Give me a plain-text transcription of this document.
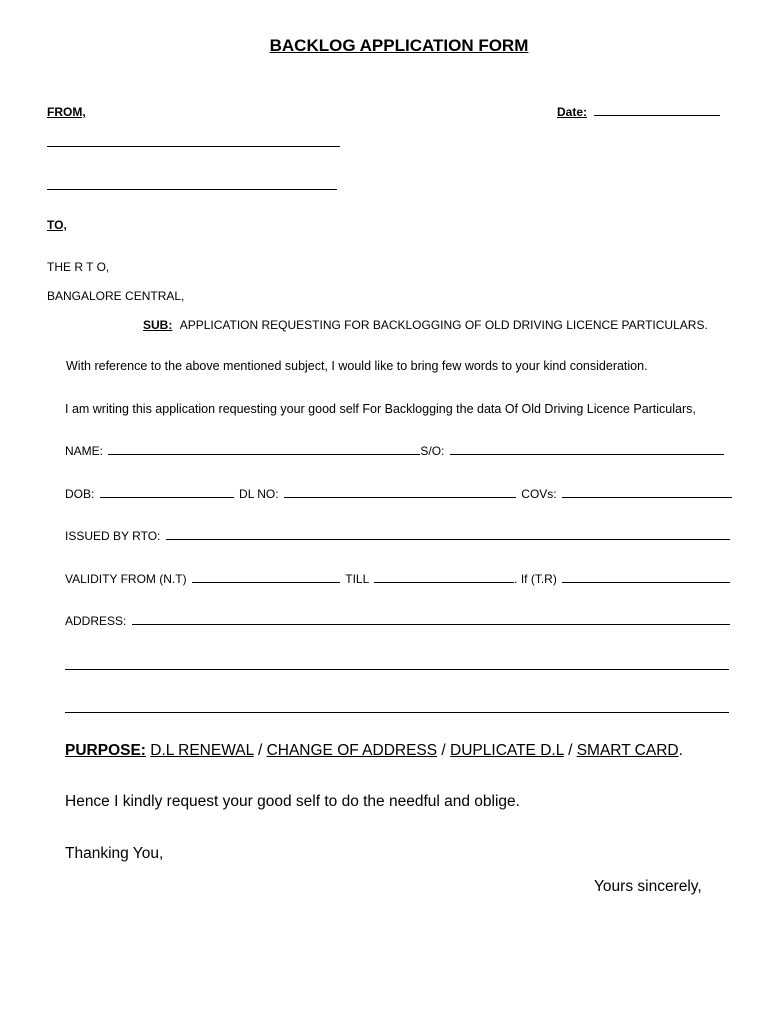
BACKLOG APPLICATION FORM
FROM,	Date:
TO,
THE R T O,
BANGALORE CENTRAL,
SUB: APPLICATION REQUESTING FOR BACKLOGGING OF OLD DRIVING LICENCE PARTICULARS.
With reference to the above mentioned subject, I would like to bring few words to your kind consideration.
I am writing this application requesting your good self For Backlogging the data Of Old Driving Licence Particulars,
NAME:	S/O:
DOB:	DL NO:	COVs:
ISSUED BY RTO:
VALIDITY FROM (N.T)	TILL	. If (T.R)
ADDRESS:
PURPOSE: D.L RENEWAL / CHANGE OF ADDRESS / DUPLICATE D.L / SMART CARD.
Hence I kindly request your good self to do the needful and oblige.
Thanking You,
Yours sincerely,
